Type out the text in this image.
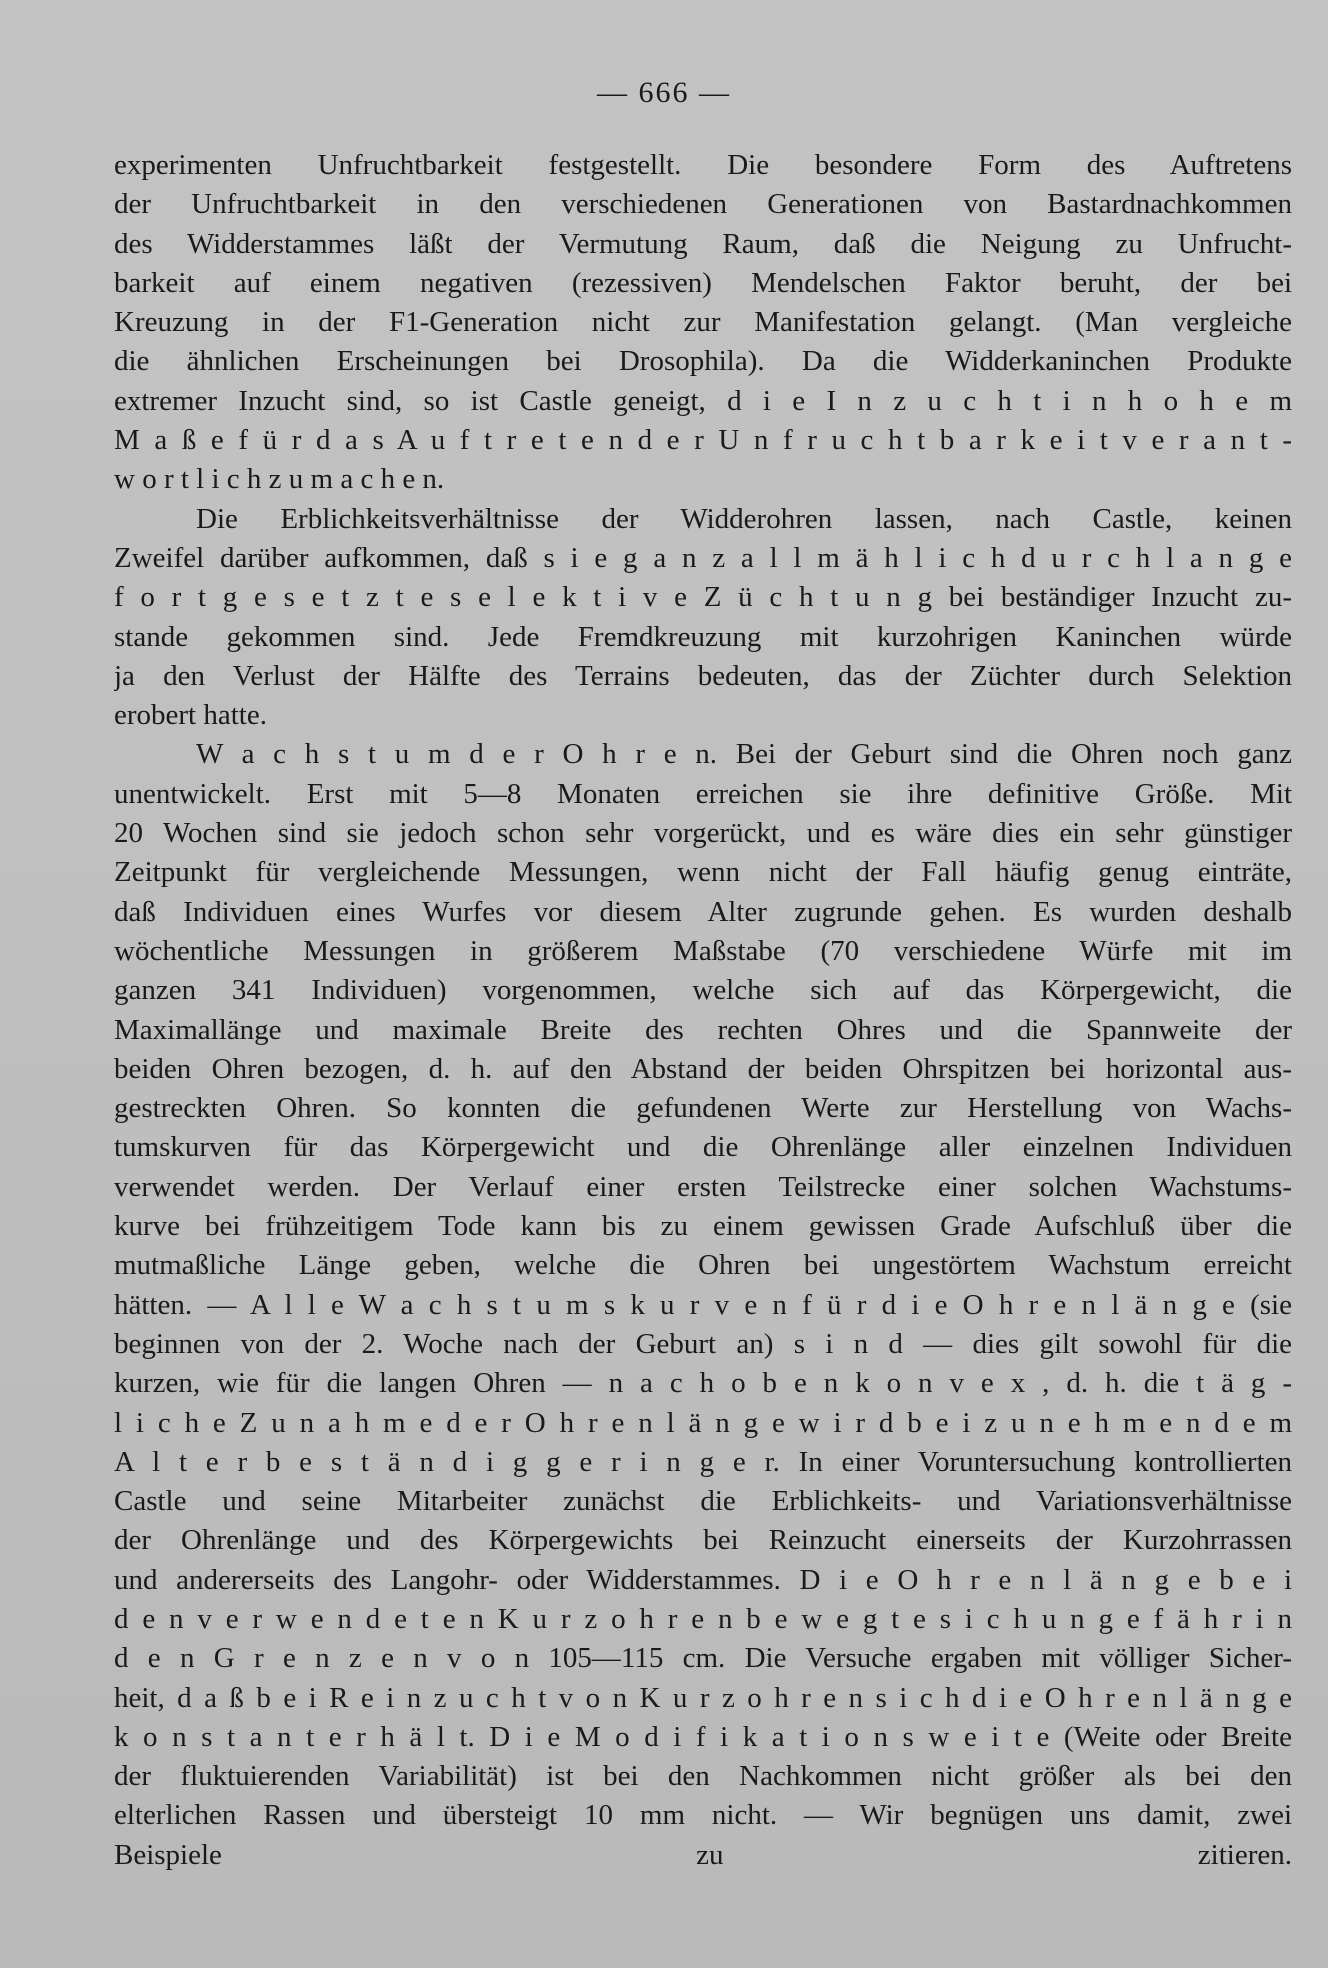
— 666 —
experimenten Unfruchtbarkeit festgestellt. Die besondere Form des Auftretens
der Unfruchtbarkeit in den verschiedenen Generationen von Bastardnachkommen
des Widderstammes läßt der Vermutung Raum, daß die Neigung zu Unfrucht-
barkeit auf einem negativen (rezessiven) Mendelschen Faktor beruht, der bei
Kreuzung in der F1-Generation nicht zur Manifestation gelangt. (Man vergleiche
die ähnlichen Erscheinungen bei Drosophila). Da die Widderkaninchen Produkte
extremer Inzucht sind, so ist Castle geneigt, d i e I n z u c h t i n h o h e m
M a ß e f ü r d a s A u f t r e t e n d e r U n f r u c h t b a r k e i t v e r a n t -
w o r t l i c h z u m a c h e n.
Die Erblichkeitsverhältnisse der Widderohren lassen, nach Castle, keinen
Zweifel darüber aufkommen, daß s i e g a n z a l l m ä h l i c h d u r c h l a n g e
f o r t g e s e t z t e s e l e k t i v e Z ü c h t u n g bei beständiger Inzucht zu-
stande gekommen sind. Jede Fremdkreuzung mit kurzohrigen Kaninchen würde
ja den Verlust der Hälfte des Terrains bedeuten, das der Züchter durch Selektion
erobert hatte.
W a c h s t u m d e r O h r e n. Bei der Geburt sind die Ohren noch ganz
unentwickelt. Erst mit 5—8 Monaten erreichen sie ihre definitive Größe. Mit
20 Wochen sind sie jedoch schon sehr vorgerückt, und es wäre dies ein sehr günstiger
Zeitpunkt für vergleichende Messungen, wenn nicht der Fall häufig genug einträte,
daß Individuen eines Wurfes vor diesem Alter zugrunde gehen. Es wurden deshalb
wöchentliche Messungen in größerem Maßstabe (70 verschiedene Würfe mit im
ganzen 341 Individuen) vorgenommen, welche sich auf das Körpergewicht, die
Maximallänge und maximale Breite des rechten Ohres und die Spannweite der
beiden Ohren bezogen, d. h. auf den Abstand der beiden Ohrspitzen bei horizontal aus-
gestreckten Ohren. So konnten die gefundenen Werte zur Herstellung von Wachs-
tumskurven für das Körpergewicht und die Ohrenlänge aller einzelnen Individuen
verwendet werden. Der Verlauf einer ersten Teilstrecke einer solchen Wachstums-
kurve bei frühzeitigem Tode kann bis zu einem gewissen Grade Aufschluß über die
mutmaßliche Länge geben, welche die Ohren bei ungestörtem Wachstum erreicht
hätten. — A l l e W a c h s t u m s k u r v e n f ü r d i e O h r e n l ä n g e (sie
beginnen von der 2. Woche nach der Geburt an) s i n d — dies gilt sowohl für die
kurzen, wie für die langen Ohren — n a c h o b e n k o n v e x , d. h. die t ä g -
l i c h e Z u n a h m e d e r O h r e n l ä n g e w i r d b e i z u n e h m e n d e m
A l t e r b e s t ä n d i g g e r i n g e r. In einer Voruntersuchung kontrollierten
Castle und seine Mitarbeiter zunächst die Erblichkeits- und Variationsverhältnisse
der Ohrenlänge und des Körpergewichts bei Reinzucht einerseits der Kurzohrrassen
und andererseits des Langohr- oder Widderstammes. D i e O h r e n l ä n g e b e i
d e n v e r w e n d e t e n K u r z o h r e n b e w e g t e s i c h u n g e f ä h r i n
d e n G r e n z e n v o n 105—115 cm. Die Versuche ergaben mit völliger Sicher-
heit, d a ß b e i R e i n z u c h t v o n K u r z o h r e n s i c h d i e O h r e n l ä n g e
k o n s t a n t e r h ä l t. D i e M o d i f i k a t i o n s w e i t e (Weite oder Breite
der fluktuierenden Variabilität) ist bei den Nachkommen nicht größer als bei den
elterlichen Rassen und übersteigt 10 mm nicht. — Wir begnügen uns damit, zwei
Beispiele zu zitieren.
